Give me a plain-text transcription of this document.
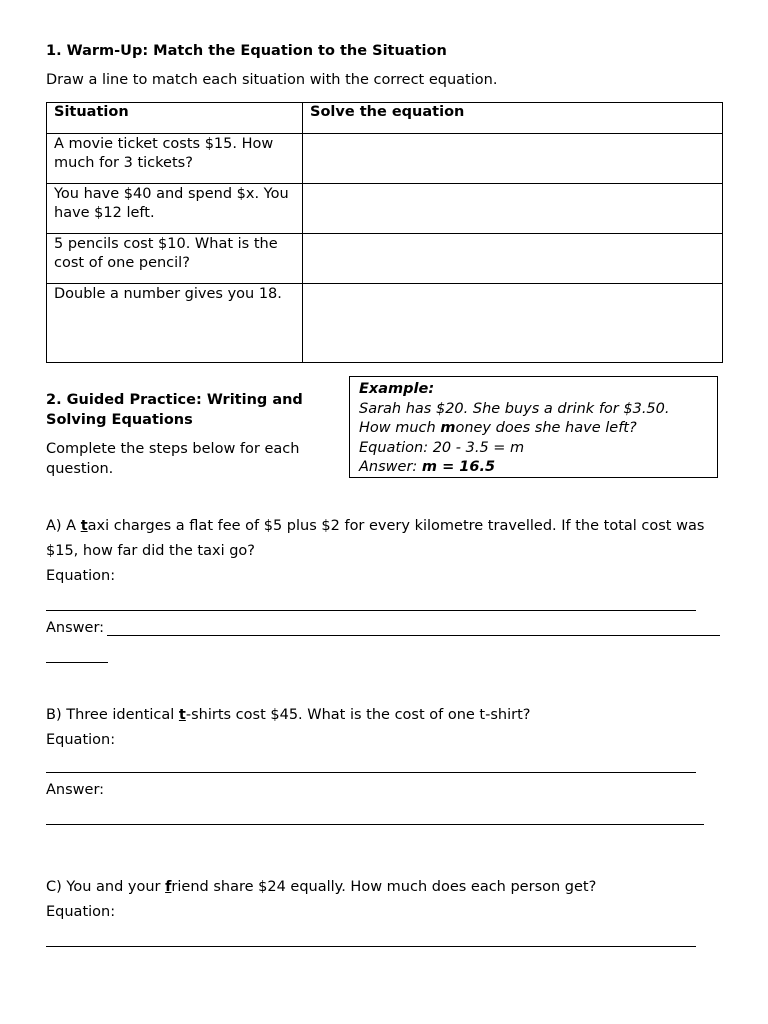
1. Warm-Up: Match the Equation to the Situation
Draw a line to match each situation with the correct equation.
Situation	Solve the equation
A movie ticket costs $15. How much for 3 tickets?	
You have $40 and spend $x. You have $12 left.	
5 pencils cost $10. What is the cost of one pencil?	
Double a number gives you 18.	
2. Guided Practice: Writing and Solving Equations
Complete the steps below for each question.
Example:
Sarah has $20. She buys a drink for $3.50.
How much money does she have left?
Equation: 20 - 3.5 = m
Answer: m = 16.5
A) A taxi charges a flat fee of $5 plus $2 for every kilometre travelled. If the total cost was $15, how far did the taxi go?
Equation:
Answer:
B) Three identical t-shirts cost $45. What is the cost of one t-shirt?
Equation:
Answer:
C) You and your friend share $24 equally. How much does each person get?
Equation:
